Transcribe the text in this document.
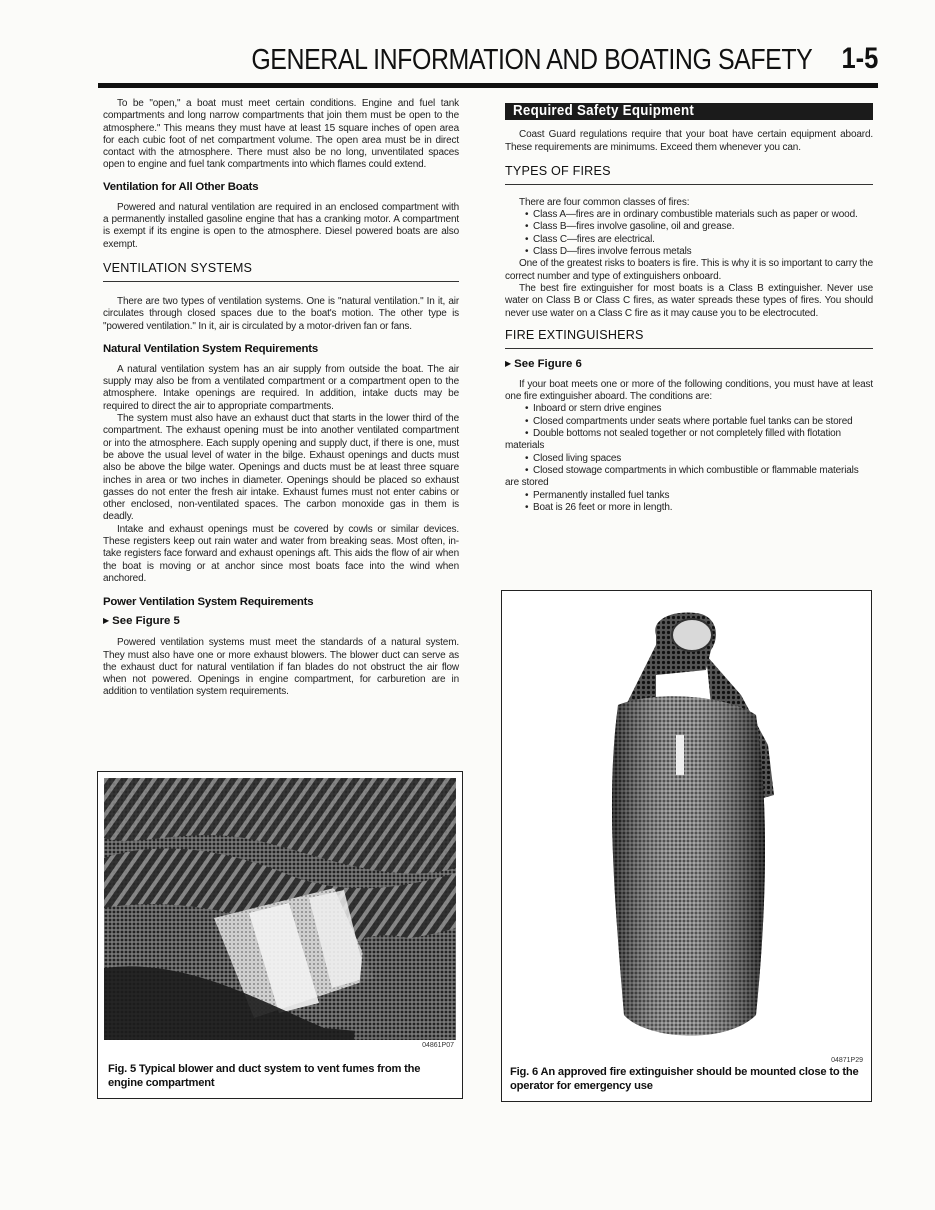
GENERAL INFORMATION AND BOATING SAFETY 1-5

To be "open," a boat must meet certain conditions. Engine and fuel tank compartments and long narrow compartments that join them must be open to the atmosphere." This means they must have at least 15 square inches of open area for each cubic foot of net compartment volume. The open area must be in direct contact with the atmosphere. There must also be no long, unventilated spaces open to engine and fuel tank compartments into which flames could extend.

Ventilation for All Other Boats

Powered and natural ventilation are required in an enclosed compartment with a permanently installed gasoline engine that has a cranking motor. A compartment is exempt if its engine is open to the atmosphere. Diesel powered boats are also exempt.

VENTILATION SYSTEMS

There are two types of ventilation systems. One is "natural ventilation." In it, air circulates through closed spaces due to the boat's motion. The other type is "powered ventilation." In it, air is circulated by a motor-driven fan or fans.

Natural Ventilation System Requirements

A natural ventilation system has an air supply from outside the boat. The air supply may also be from a ventilated compartment or a compartment open to the atmosphere. Intake openings are required. In addition, intake ducts may be required to direct the air to appropriate compartments.

The system must also have an exhaust duct that starts in the lower third of the compartment. The exhaust opening must be into another ventilated compartment or into the atmosphere. Each supply opening and supply duct, if there is one, must be above the usual level of water in the bilge. Exhaust openings and ducts must also be above the bilge water. Openings and ducts must be at least three square inches in area or two inches in diameter. Openings should be placed so exhaust gasses do not enter the fresh air intake. Exhaust fumes must not enter cabins or other enclosed, non-ventilated spaces. The carbon monoxide gas in them is deadly.

Intake and exhaust openings must be covered by cowls or similar devices. These registers keep out rain water and water from breaking seas. Most often, in-take registers face forward and exhaust openings aft. This aids the flow of air when the boat is moving or at anchor since most boats face into the wind when anchored.

Power Ventilation System Requirements

▶ See Figure 5

Powered ventilation systems must meet the standards of a natural system. They must also have one or more exhaust blowers. The blower duct can serve as the exhaust duct for natural ventilation if fan blades do not obstruct the air flow when not powered. Openings in engine compartment, for carburetion are in addition to ventilation system requirements.

04861P07
Fig. 5 Typical blower and duct system to vent fumes from the engine compartment
Required Safety Equipment

Coast Guard regulations require that your boat have certain equipment aboard. These requirements are minimums. Exceed them whenever you can.

TYPES OF FIRES

There are four common classes of fires:

• Class A—fires are in ordinary combustible materials such as paper or wood.
• Class B—fires involve gasoline, oil and grease.
• Class C—fires are electrical.
• Class D—fires involve ferrous metals

One of the greatest risks to boaters is fire. This is why it is so important to carry the correct number and type of extinguishers onboard.

The best fire extinguisher for most boats is a Class B extinguisher. Never use water on Class B or Class C fires, as water spreads these types of fires. You should never use water on a Class C fire as it may cause you to be electrocuted.

FIRE EXTINGUISHERS

▶ See Figure 6

If your boat meets one or more of the following conditions, you must have at least one fire extinguisher aboard. The conditions are:

• Inboard or stern drive engines
• Closed compartments under seats where portable fuel tanks can be stored
• Double bottoms not sealed together or not completely filled with flotation materials
• Closed living spaces
• Closed stowage compartments in which combustible or flammable materials are stored
• Permanently installed fuel tanks
• Boat is 26 feet or more in length.
04871P29
Fig. 6 An approved fire extinguisher should be mounted close to the operator for emergency use
